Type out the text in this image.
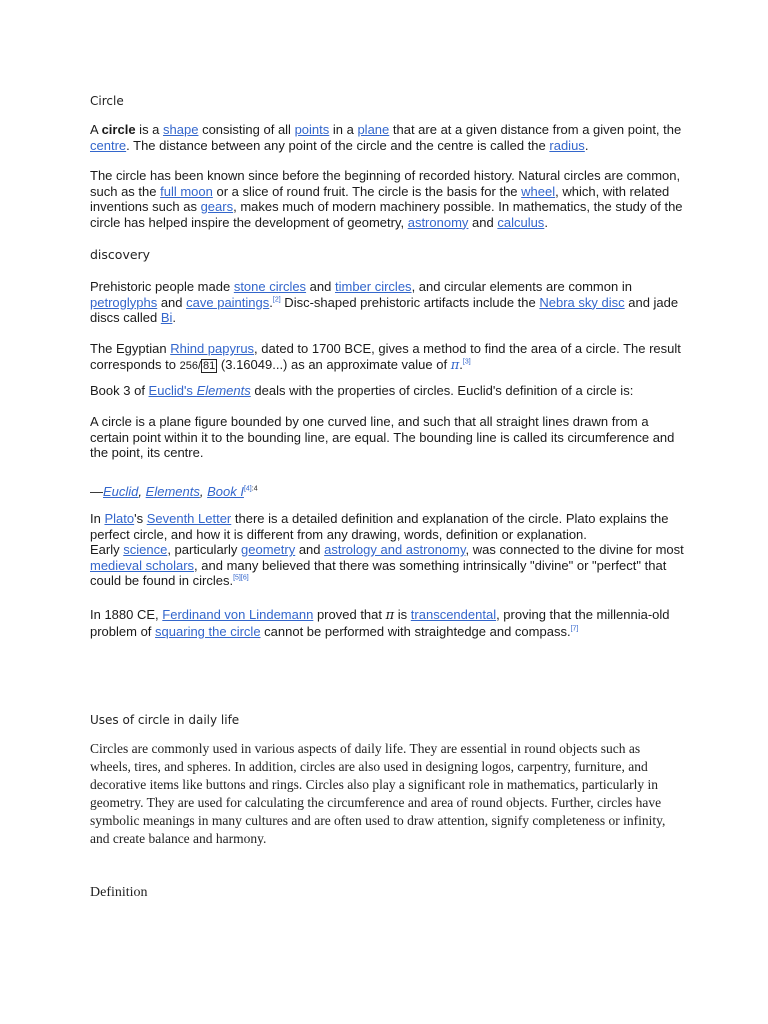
Circle
A circle is a shape consisting of all points in a plane that are at a given distance from a given point, the centre. The distance between any point of the circle and the centre is called the radius.
The circle has been known since before the beginning of recorded history. Natural circles are common, such as the full moon or a slice of round fruit. The circle is the basis for the wheel, which, with related inventions such as gears, makes much of modern machinery possible. In mathematics, the study of the circle has helped inspire the development of geometry, astronomy and calculus.
discovery
Prehistoric people made stone circles and timber circles, and circular elements are common in petroglyphs and cave paintings.[2] Disc-shaped prehistoric artifacts include the Nebra sky disc and jade discs called Bi.
The Egyptian Rhind papyrus, dated to 1700 BCE, gives a method to find the area of a circle. The result corresponds to 256/ 81 (3.16049...) as an approximate value of π.[3]
Book 3 of Euclid's Elements deals with the properties of circles. Euclid's definition of a circle is:
A circle is a plane figure bounded by one curved line, and such that all straight lines drawn from a certain point within it to the bounding line, are equal. The bounding line is called its circumference and the point, its centre.
—Euclid, Elements, Book $I^{[4]:4}$
In Plato's Seventh Letter there is a detailed definition and explanation of the circle. Plato explains the perfect circle, and how it is different from any drawing, words, definition or explanation.
Early science, particularly geometry and astrology and astronomy, was connected to the divine for most medieval scholars, and many believed that there was something intrinsically "divine" or "perfect" that could be found in circles.[5][6]
In 1880 CE, Ferdinand von Lindemann proved that π is transcendental, proving that the millennia-old problem of squaring the circle cannot be performed with straightedge and compass.[7]
Uses of circle in daily life
Circles are commonly used in various aspects of daily life. They are essential in round objects such as wheels, tires, and spheres. In addition, circles are also used in designing logos, carpentry, furniture, and decorative items like buttons and rings. Circles also play a significant role in mathematics, particularly in geometry. They are used for calculating the circumference and area of round objects. Further, circles have symbolic meanings in many cultures and are often used to draw attention, signify completeness or infinity, and create balance and harmony.
Definition
